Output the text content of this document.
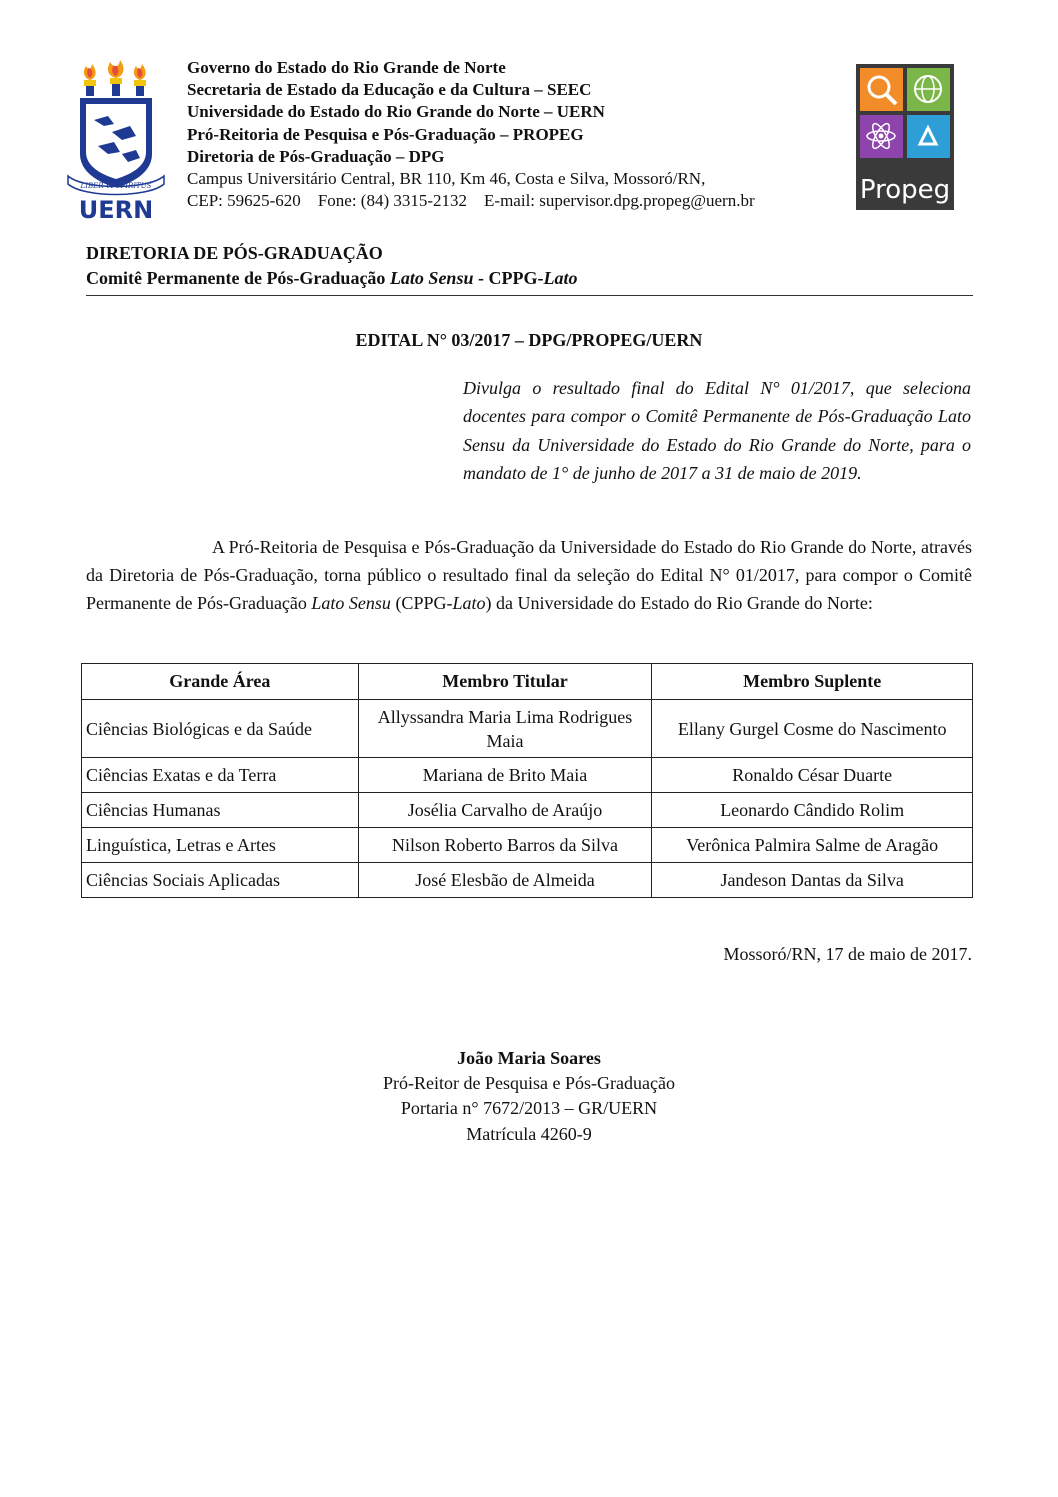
LIBER VI SPIRITUS
UERN
Governo do Estado do Rio Grande de Norte
Secretaria de Estado da Educação e da Cultura – SEEC
Universidade do Estado do Rio Grande do Norte – UERN
Pró-Reitoria de Pesquisa e Pós-Graduação – PROPEG
Diretoria de Pós-Graduação – DPG
Campus Universitário Central, BR 110, Km 46, Costa e Silva, Mossoró/RN,
CEP: 59625-620 Fone: (84) 3315-2132 E-mail: supervisor.dpg.propeg@uern.br	Propeg
DIRETORIA DE PÓS-GRADUAÇÃO
Comitê Permanente de Pós-Graduação Lato Sensu - CPPG-Lato
EDITAL N° 03/2017 – DPG/PROPEG/UERN
Divulga o resultado final do Edital N° 01/2017, que seleciona docentes para compor o Comitê Permanente de Pós-Graduação Lato Sensu da Universidade do Estado do Rio Grande do Norte, para o mandato de 1° de junho de 2017 a 31 de maio de 2019.
A Pró-Reitoria de Pesquisa e Pós-Graduação da Universidade do Estado do Rio Grande do Norte, através da Diretoria de Pós-Graduação, torna público o resultado final da seleção do Edital N° 01/2017, para compor o Comitê Permanente de Pós-Graduação Lato Sensu (CPPG-Lato) da Universidade do Estado do Rio Grande do Norte:
Grande Área	Membro Titular	Membro Suplente
Ciências Biológicas e da Saúde	Allyssandra Maria Lima Rodrigues Maia	Ellany Gurgel Cosme do Nascimento
Ciências Exatas e da Terra	Mariana de Brito Maia	Ronaldo César Duarte
Ciências Humanas	Josélia Carvalho de Araújo	Leonardo Cândido Rolim
Linguística, Letras e Artes	Nilson Roberto Barros da Silva	Verônica Palmira Salme de Aragão
Ciências Sociais Aplicadas	José Elesbão de Almeida	Jandeson Dantas da Silva
Mossoró/RN, 17 de maio de 2017.
João Maria Soares
Pró-Reitor de Pesquisa e Pós-Graduação
Portaria n° 7672/2013 – GR/UERN
Matrícula 4260-9
